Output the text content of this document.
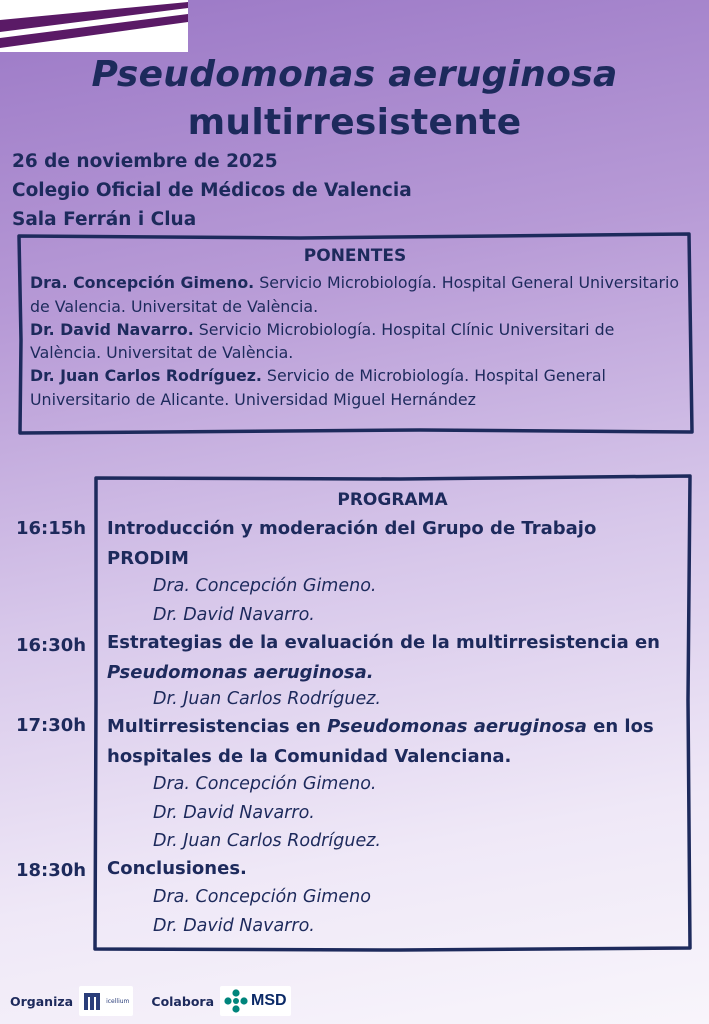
Pseudomonas aeruginosa
multirresistente
26 de noviembre de 2025
Colegio Oficial de Médicos de Valencia
Sala Ferrán i Clua
PONENTES

Dra. Concepción Gimeno. Servicio Microbiología. Hospital General Universitario de Valencia. Universitat de València.

Dr. David Navarro. Servicio Microbiología. Hospital Clínic Universitari de València. Universitat de València.

Dr. Juan Carlos Rodríguez. Servicio de Microbiología. Hospital General Universitario de Alicante. Universidad Miguel Hernández

PROGRAMA
16:15h Introducción y moderación del Grupo de Trabajo PRODIM
Dra. Concepción Gimeno.
Dr. David Navarro.
16:30h Estrategias de la evaluación de la multirresistencia en Pseudomonas aeruginosa.
Dr. Juan Carlos Rodríguez.
17:30h Multirresistencias en Pseudomonas aeruginosa en los hospitales de la Comunidad Valenciana.
Dra. Concepción Gimeno.
Dr. David Navarro.
Dr. Juan Carlos Rodríguez.
18:30h Conclusiones.
Dra. Concepción Gimeno
Dr. David Navarro.
Organiza	icellium Colabora MSD
